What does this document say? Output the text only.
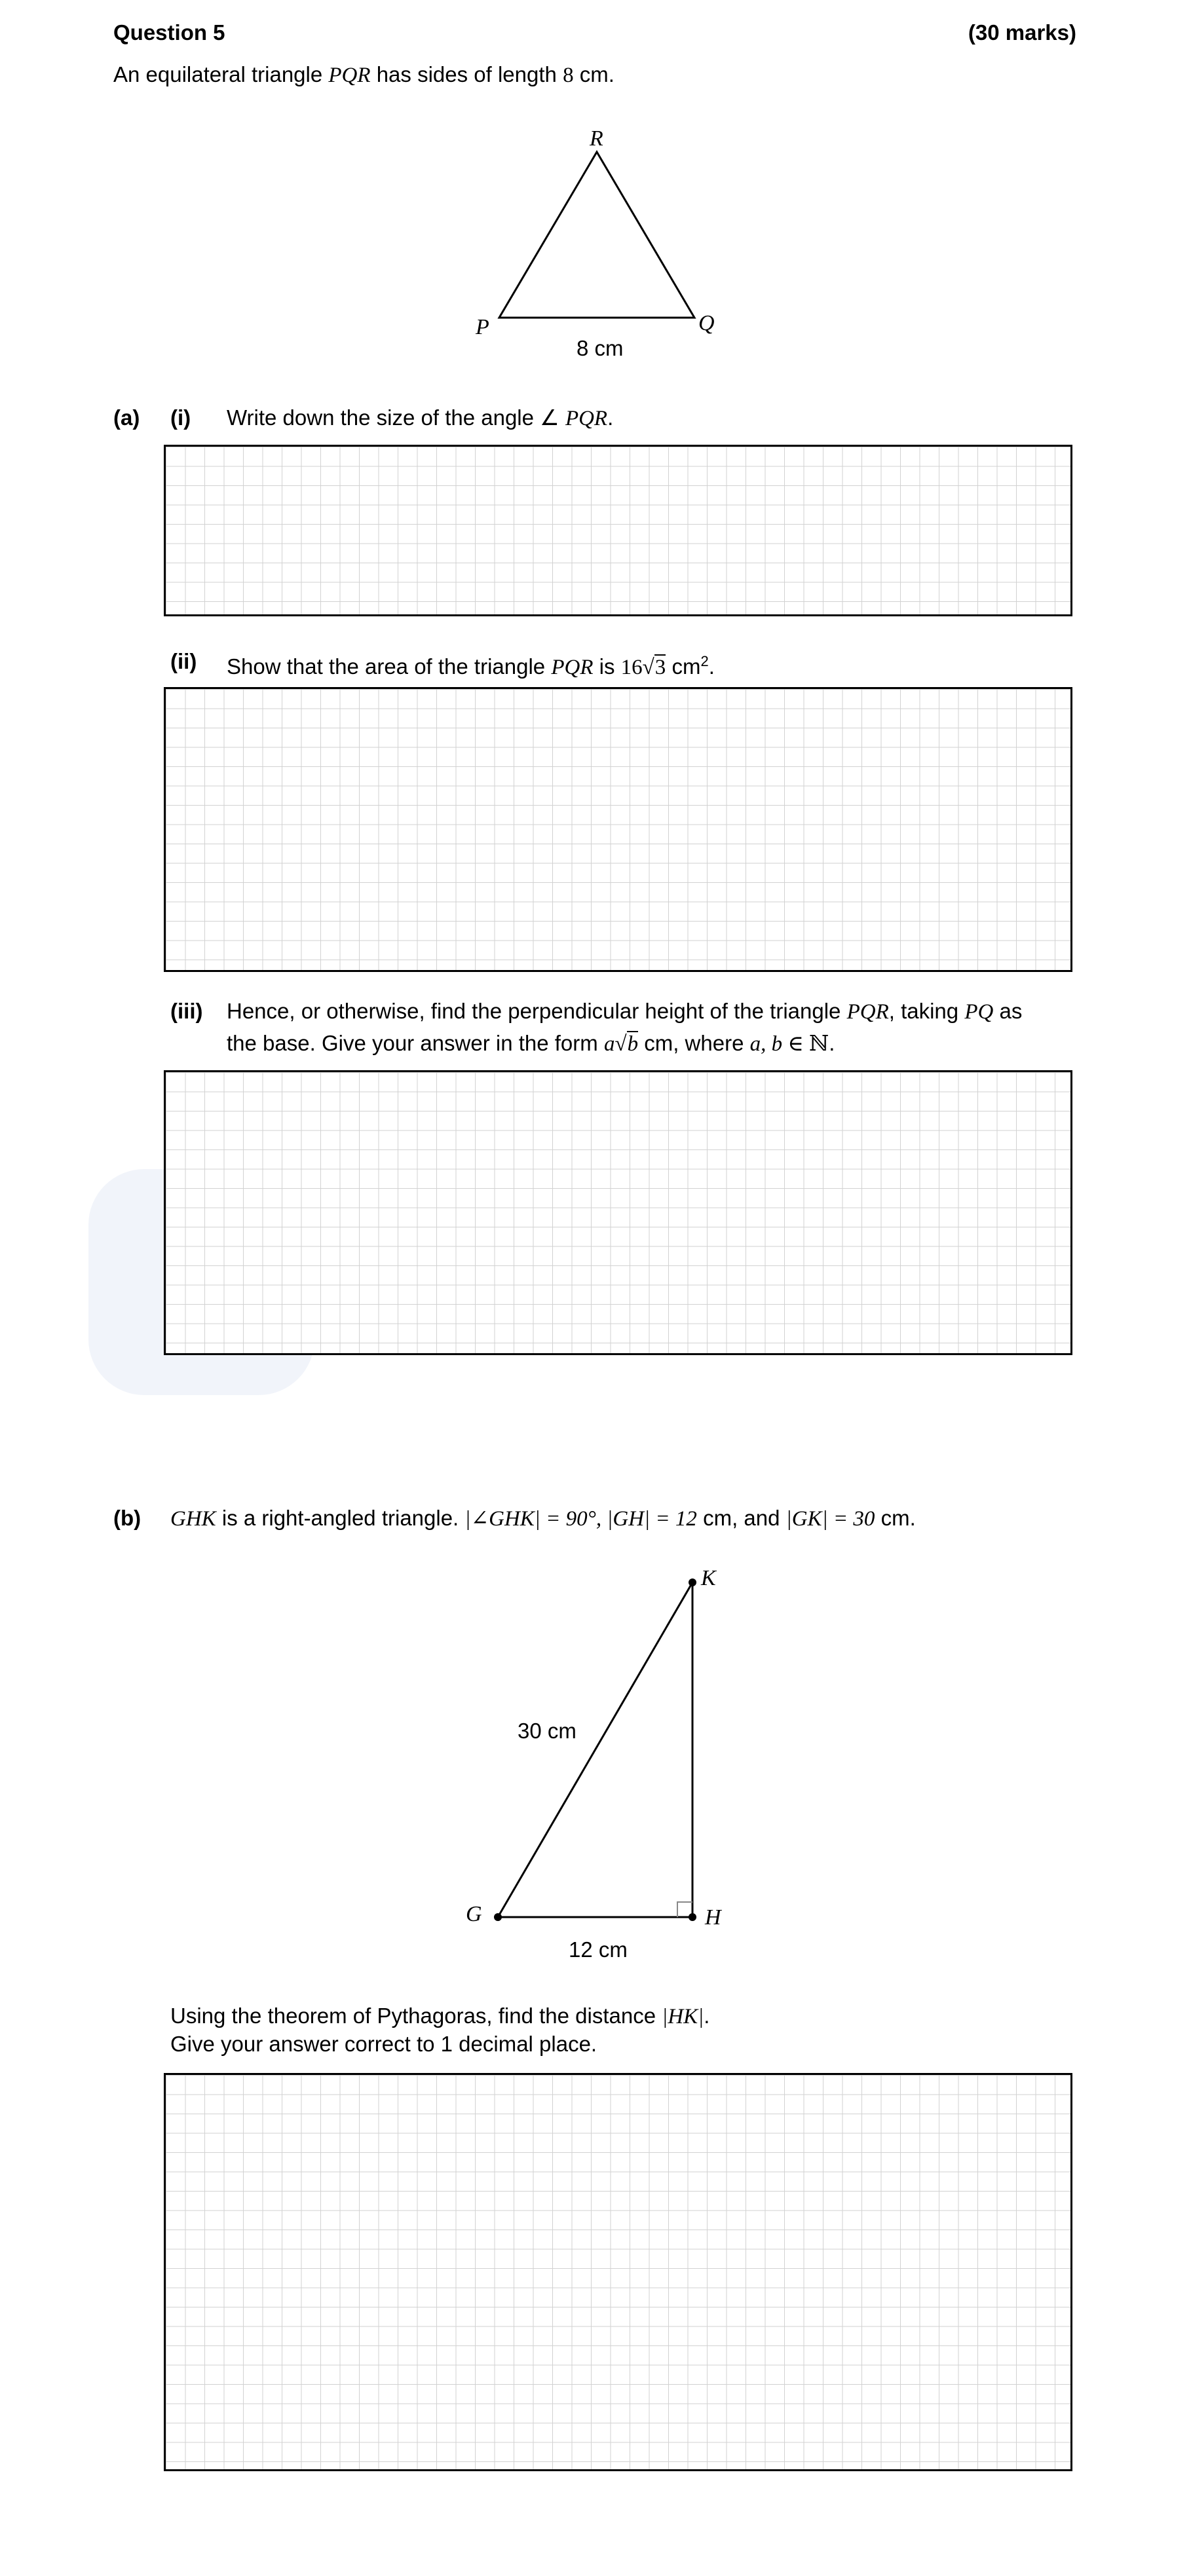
Question 5	(30 marks)
An equilateral triangle PQR has sides of length 8 cm.
R
P	Q
8 cm
(a) (i) Write down the size of the angle ∠ PQR.
(ii) Show that the area of the triangle PQR is 16√3 $cm^2$.
(iii) Hence, or otherwise, find the perpendicular height of the triangle PQR, taking PQ as
the base. Give your answer in the form a√b cm, where a, b ∈ ℕ.
(b) GHK is a right-angled triangle. |∠GHK| = 90°, |GH| = 12 cm, and |GK| = 30 cm.
G	H
K
30 cm
12 cm
Using the theorem of Pythagoras, find the distance |HK|.
Give your answer correct to 1 decimal place.
